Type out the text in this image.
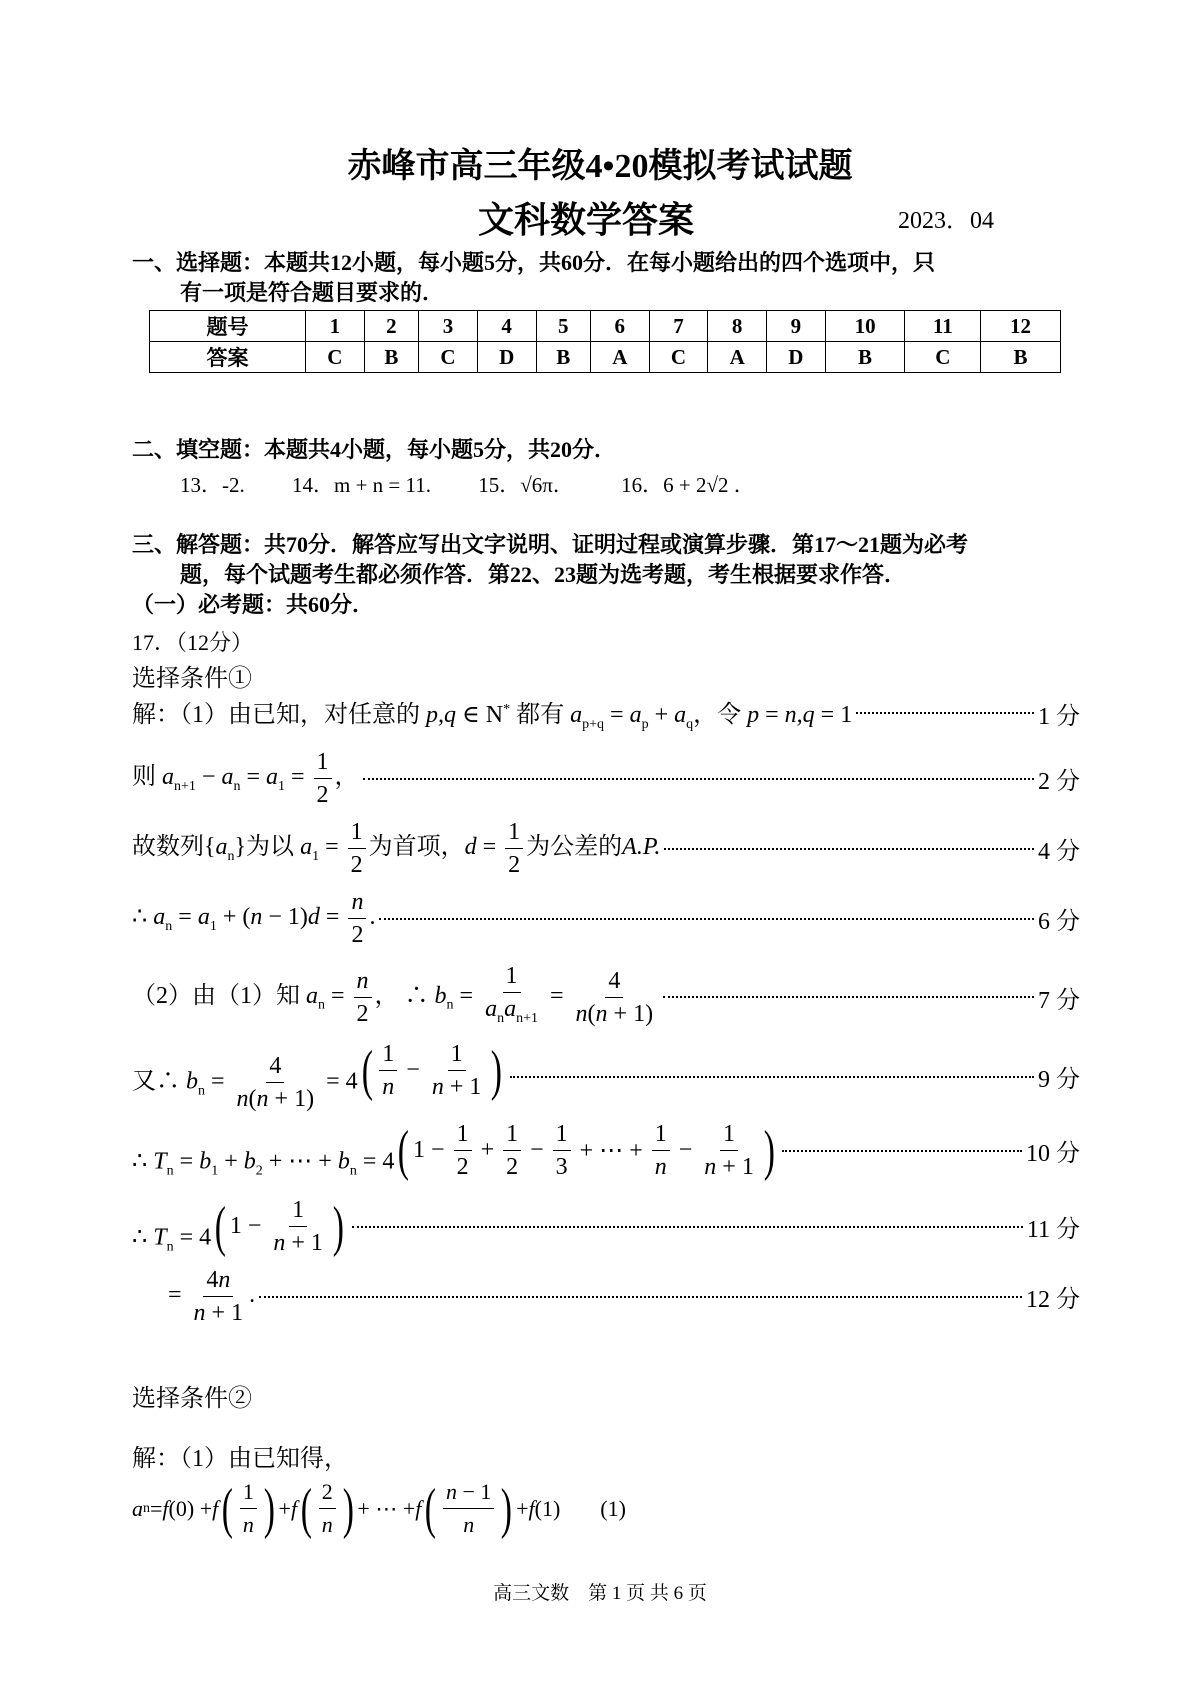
赤峰市高三年级4•20模拟考试试题
文科数学答案	2023．04
一、选择题：本题共12小题，每小题5分，共60分．在每小题给出的四个选项中，只
有一项是符合题目要求的．
题号	1	2	3	4	5	6	7	8	9	10	11	12
答案	C	B	C	D	B	A	C	A	D	B	C	B
二、填空题：本题共4小题，每小题5分，共20分．
13．-2. 14．m + n = 11. 15．√6π． 16．6 + 2√2 ．
三、解答题：共70分．解答应写出文字说明、证明过程或演算步骤．第17～21题为必考
题，每个试题考生都必须作答．第22、23题为选考题，考生根据要求作答．
（一）必考题：共60分．
17．（12分）
选择条件①
解：（1）由已知，对任意的 p,q ∈ N* 都有 $a_{p+q} = a_p + a_q$，令 p = n,q = 1	1 分
则 $a_{n+1} - a_n = a_1 = \frac{1}{2}$ ，	2 分
故数列$\{a_n\}$为以 $a_1 = \frac{1}{2}$ 为首项，$d = \frac{1}{2}$ 为公差的A.P.	4 分
∴ $a_n = a_1 + (n - 1)d = \frac{n}{2}$ .	6 分
（2）由（1）知 $a_n = \frac{n}{2}$ ， ∴ $b_n = \frac{1}{a_na_{n+1}} = \frac{4}{n(n + 1)}$	7 分
又∴ $b_n = \frac{4}{n(n + 1)} = 4$ ( $\frac{1}{n} - \frac{1}{n + 1}$ )	9 分
∴ $T_n = b_1 + b_2$ + ⋯ + $b_n = 4$ ( $1 - \frac{1}{2} + \frac{1}{2} - \frac{1}{3}$ + ⋯ + $\frac{1}{n} - \frac{1}{n + 1}$ )	10 分
∴ $T_n = 4$ ( $1 - \frac{1}{n + 1}$ )	11 分
= $\frac{4n}{n + 1}$ .	12 分
选择条件②
解：（1）由已知得，
a n = f (0) + f ( $\frac{1}{n}$ ) + f ( $\frac{2}{n}$ ) + ⋯ + f ( $\frac{n - 1}{n}$ ) + f (1) (1)
高三文数　第 1 页 共 6 页
